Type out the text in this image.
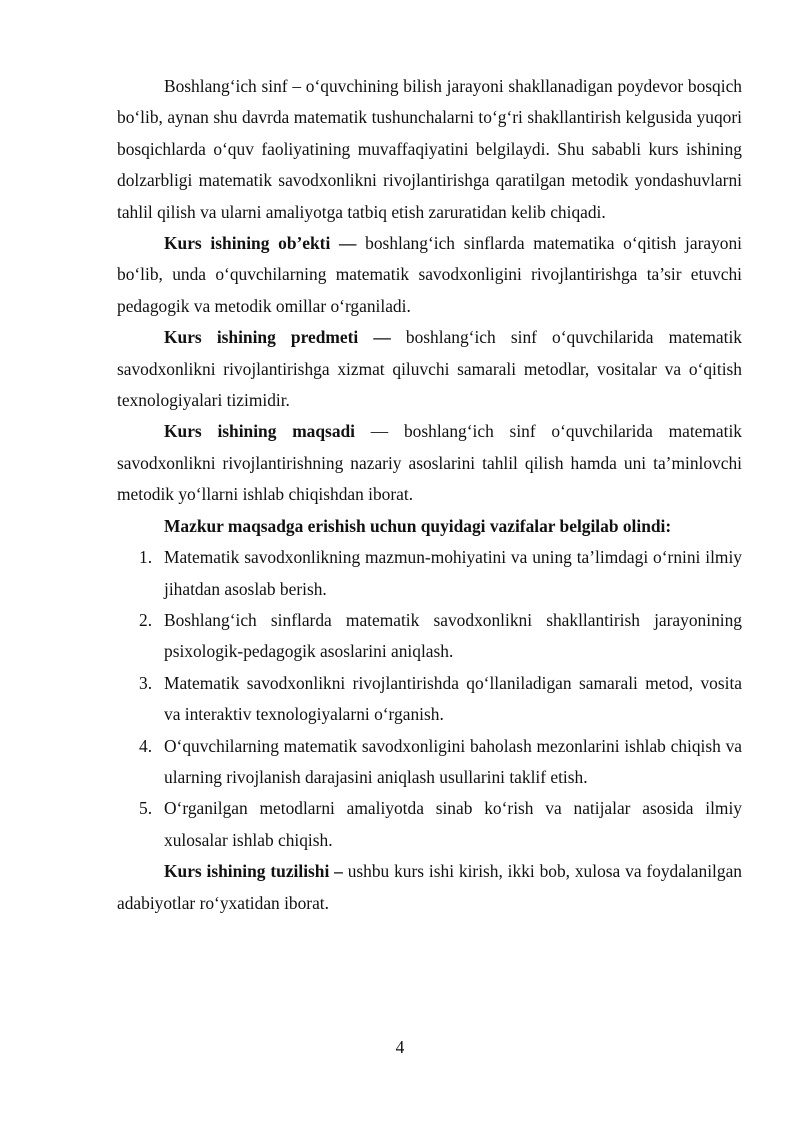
Boshlang‘ich sinf – o‘quvchining bilish jarayoni shakllanadigan poydevor bosqich bo‘lib, aynan shu davrda matematik tushunchalarni to‘g‘ri shakllantirish kelgusida yuqori bosqichlarda o‘quv faoliyatining muvaffaqiyatini belgilaydi. Shu sababli kurs ishining dolzarbligi matematik savodxonlikni rivojlantirishga qaratilgan metodik yondashuvlarni tahlil qilish va ularni amaliyotga tatbiq etish zaruratidan kelib chiqadi.

Kurs ishining ob’ekti — boshlang‘ich sinflarda matematika o‘qitish jarayoni bo‘lib, unda o‘quvchilarning matematik savodxonligini rivojlantirishga ta’sir etuvchi pedagogik va metodik omillar o‘rganiladi.

Kurs ishining predmeti — boshlang‘ich sinf o‘quvchilarida matematik savodxonlikni rivojlantirishga xizmat qiluvchi samarali metodlar, vositalar va o‘qitish texnologiyalari tizimidir.

Kurs ishining maqsadi — boshlang‘ich sinf o‘quvchilarida matematik savodxonlikni rivojlantirishning nazariy asoslarini tahlil qilish hamda uni ta’minlovchi metodik yo‘llarni ishlab chiqishdan iborat.

Mazkur maqsadga erishish uchun quyidagi vazifalar belgilab olindi:

1. Matematik savodxonlikning mazmun-mohiyatini va uning ta’limdagi o‘rnini ilmiy jihatdan asoslab berish.
2. Boshlang‘ich sinflarda matematik savodxonlikni shakllantirish jarayonining psixologik-pedagogik asoslarini aniqlash.
3. Matematik savodxonlikni rivojlantirishda qo‘llaniladigan samarali metod, vosita va interaktiv texnologiyalarni o‘rganish.
4. O‘quvchilarning matematik savodxonligini baholash mezonlarini ishlab chiqish va ularning rivojlanish darajasini aniqlash usullarini taklif etish.
5. O‘rganilgan metodlarni amaliyotda sinab ko‘rish va natijalar asosida ilmiy xulosalar ishlab chiqish.

Kurs ishining tuzilishi – ushbu kurs ishi kirish, ikki bob, xulosa va foydalanilgan adabiyotlar ro‘yxatidan iborat.

4
